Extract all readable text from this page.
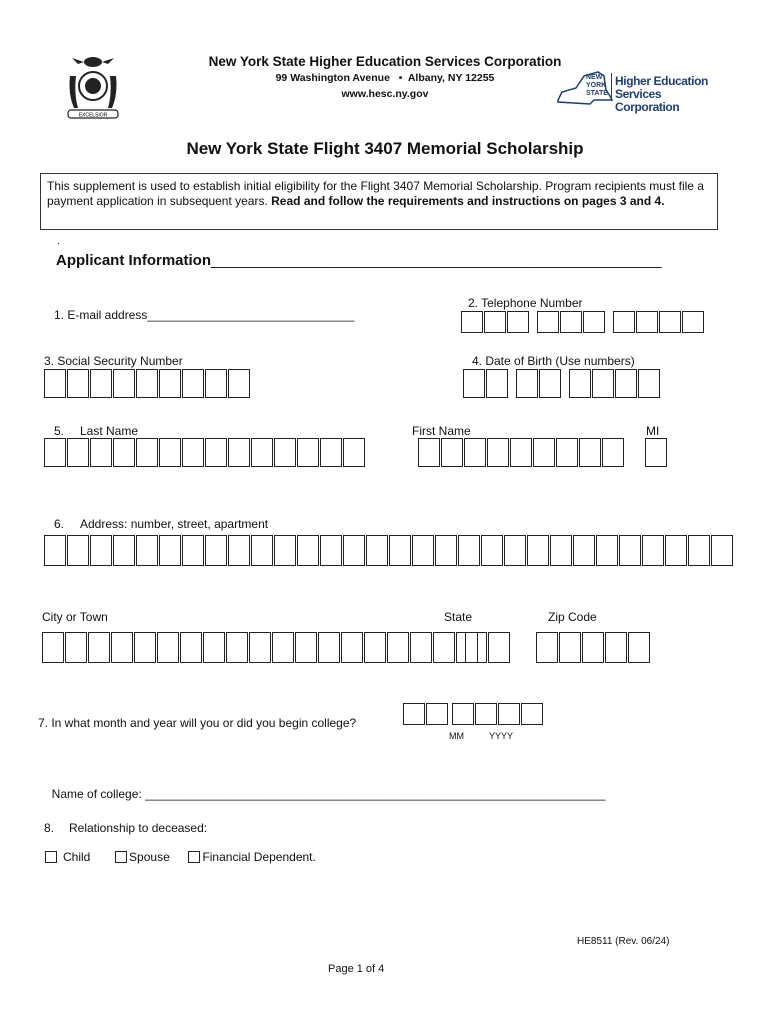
EXCELSIOR
New York State Higher Education Services Corporation
99 Washington Avenue   •  Albany, NY 12255
www.hesc.ny.gov
NEW
YORK
STATE
Higher Education
Services Corporation
New York State Flight 3407 Memorial Scholarship
This supplement is used to establish initial eligibility for the Flight 3407 Memorial Scholarship. Program recipients must file a payment application in subsequent years. Read and follow the requirements and instructions on pages 3 and 4.
.
Applicant Information______________________________________________________
1. E-mail address_______________________________
2. Telephone Number
3. Social Security Number	4. Date of Birth (Use numbers)
5. Last Name	First Name	MI
6. Address: number, street, apartment
City or Town	State	Zip Code
7. In what month and year will you or did you begin college?
MM	YYYY

Name of college: _____________________________________________________________________

8. Relationship to deceased:
Child	Spouse	Financial Dependent.
HE8511 (Rev. 06/24)
Page 1 of 4
